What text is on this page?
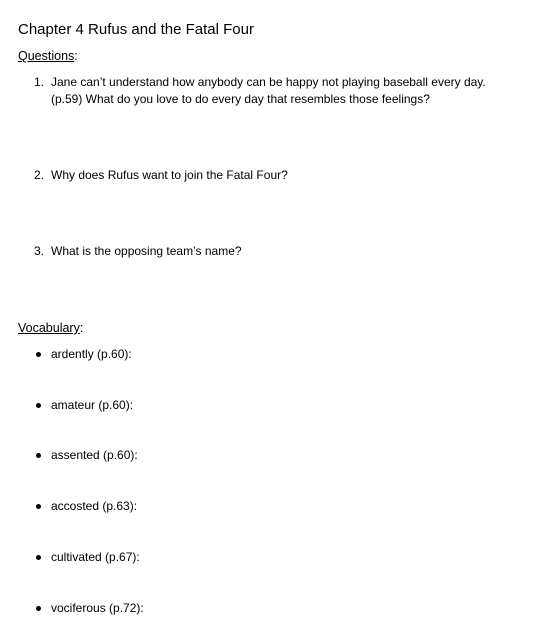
Chapter 4 Rufus and the Fatal Four
Questions:
1. Jane can’t understand how anybody can be happy not playing baseball every day. (p.59) What do you love to do every day that resembles those feelings?
2. Why does Rufus want to join the Fatal Four?
3. What is the opposing team’s name?
Vocabulary:
ardently (p.60):
amateur (p.60):
assented (p.60):
accosted (p.63):
cultivated (p.67):
vociferous (p.72):
